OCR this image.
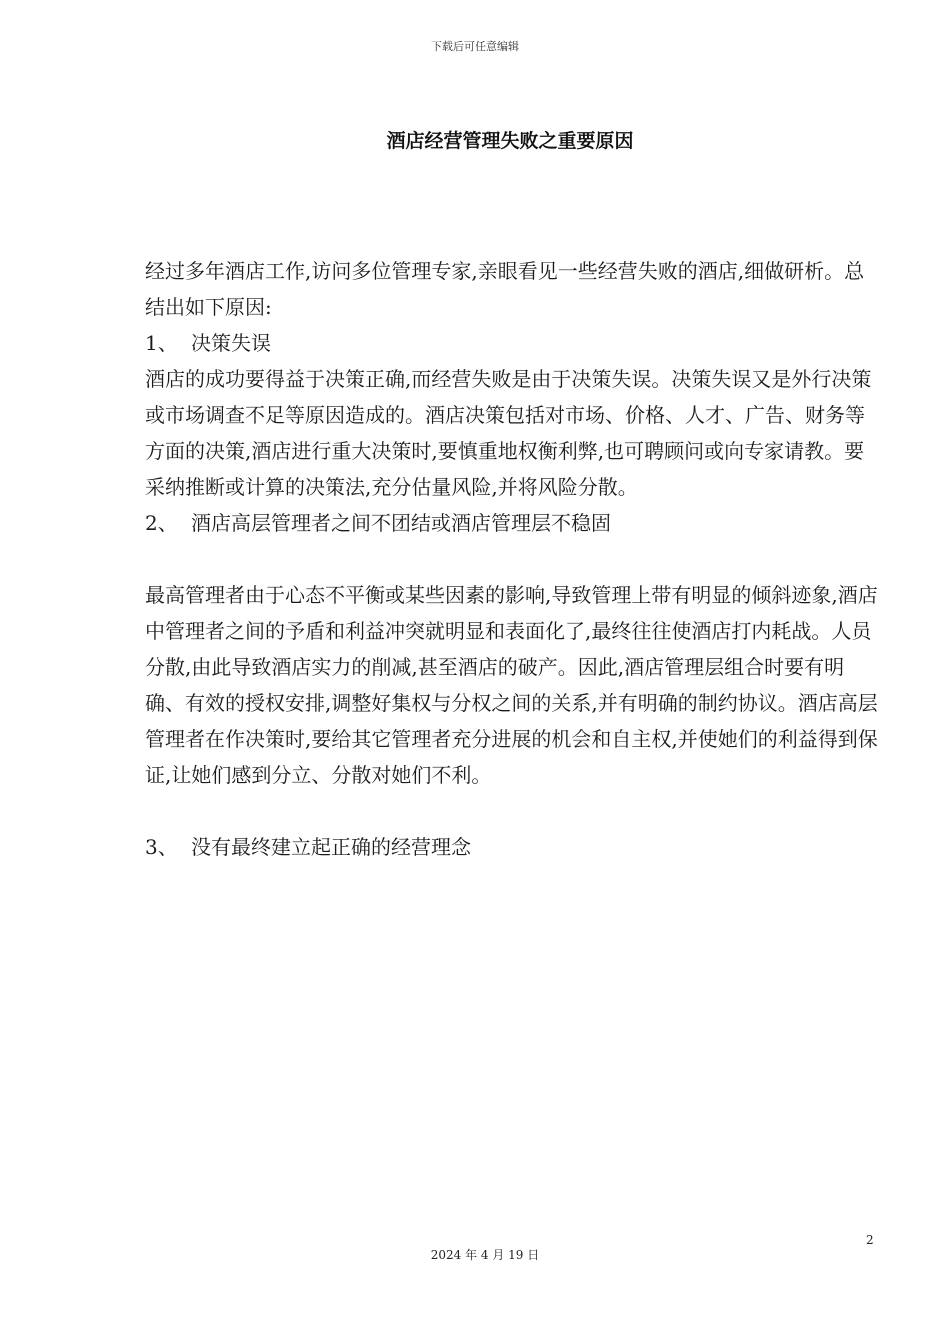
下载后可任意编辑
酒店经营管理失败之重要原因

经过多年酒店工作,访问多位管理专家,亲眼看见一些经营失败的酒店,细做研析。总结出如下原因:

1、 决策失误

酒店的成功要得益于决策正确,而经营失败是由于决策失误。决策失误又是外行决策或市场调查不足等原因造成的。酒店决策包括对市场、价格、人才、广告、财务等方面的决策,酒店进行重大决策时,要慎重地权衡利弊,也可聘顾问或向专家请教。要采纳推断或计算的决策法,充分估量风险,并将风险分散。

2、 酒店高层管理者之间不团结或酒店管理层不稳固

最高管理者由于心态不平衡或某些因素的影响,导致管理上带有明显的倾斜迹象,酒店中管理者之间的予盾和利益冲突就明显和表面化了,最终往往使酒店打内耗战。人员分散,由此导致酒店实力的削减,甚至酒店的破产。因此,酒店管理层组合时要有明确、有效的授权安排,调整好集权与分权之间的关系,并有明确的制约协议。酒店高层管理者在作决策时,要给其它管理者充分进展的机会和自主权,并使她们的利益得到保证,让她们感到分立、分散对她们不利。

3、 没有最终建立起正确的经营理念
2
2024 年 4 月 19 日
